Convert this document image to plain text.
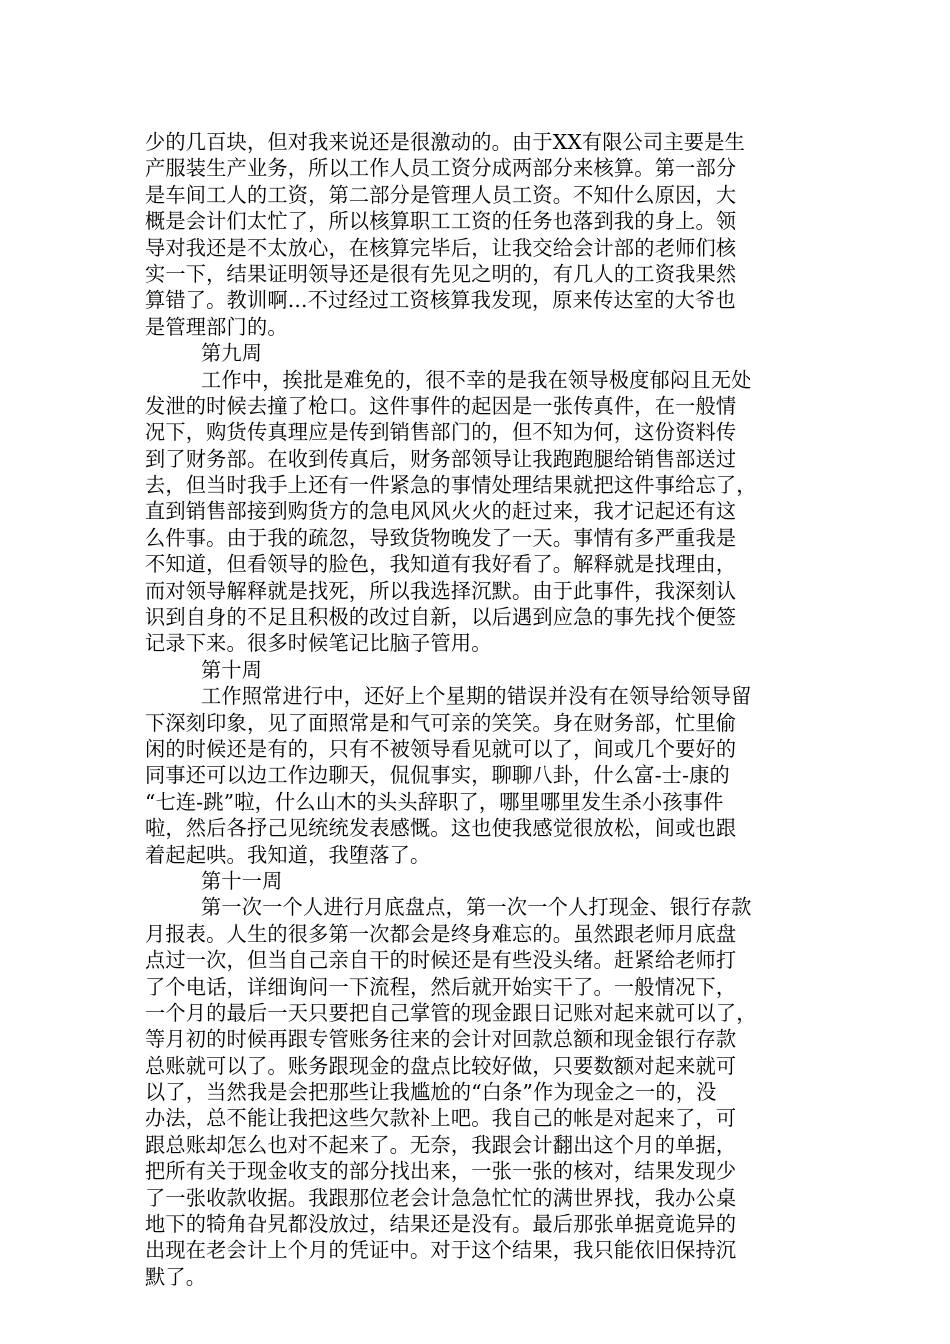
少的几百块，但对我来说还是很激动的。由于XX有限公司主要是生
产服装生产业务，所以工作人员工资分成两部分来核算。第一部分
是车间工人的工资，第二部分是管理人员工资。不知什么原因，大
概是会计们太忙了，所以核算职工工资的任务也落到我的身上。领
导对我还是不太放心，在核算完毕后，让我交给会计部的老师们核
实一下，结果证明领导还是很有先见之明的，有几人的工资我果然
算错了。教训啊...不过经过工资核算我发现，原来传达室的大爷也
是管理部门的。
第九周
工作中，挨批是难免的，很不幸的是我在领导极度郁闷且无处
发泄的时候去撞了枪口。这件事件的起因是一张传真件，在一般情
况下，购货传真理应是传到销售部门的，但不知为何，这份资料传
到了财务部。在收到传真后，财务部领导让我跑跑腿给销售部送过
去，但当时我手上还有一件紧急的事情处理结果就把这件事给忘了，
直到销售部接到购货方的急电风风火火的赶过来，我才记起还有这
么件事。由于我的疏忽，导致货物晚发了一天。事情有多严重我是
不知道，但看领导的脸色，我知道有我好看了。解释就是找理由，
而对领导解释就是找死，所以我选择沉默。由于此事件，我深刻认
识到自身的不足且积极的改过自新，以后遇到应急的事先找个便签
记录下来。很多时候笔记比脑子管用。
第十周
工作照常进行中，还好上个星期的错误并没有在领导给领导留
下深刻印象，见了面照常是和气可亲的笑笑。身在财务部，忙里偷
闲的时候还是有的，只有不被领导看见就可以了，间或几个要好的
同事还可以边工作边聊天，侃侃事实，聊聊八卦，什么富-士-康的
“七连-跳”啦，什么山木的头头辞职了，哪里哪里发生杀小孩事件
啦，然后各抒己见统统发表感慨。这也使我感觉很放松，间或也跟
着起起哄。我知道，我堕落了。
第十一周
第一次一个人进行月底盘点，第一次一个人打现金、银行存款
月报表。人生的很多第一次都会是终身难忘的。虽然跟老师月底盘
点过一次，但当自己亲自干的时候还是有些没头绪。赶紧给老师打
了个电话，详细询问一下流程，然后就开始实干了。一般情况下，
一个月的最后一天只要把自己掌管的现金跟日记账对起来就可以了，
等月初的时候再跟专管账务往来的会计对回款总额和现金银行存款
总账就可以了。账务跟现金的盘点比较好做，只要数额对起来就可
以了，当然我是会把那些让我尴尬的“白条”作为现金之一的，没
办法，总不能让我把这些欠款补上吧。我自己的帐是对起来了，可
跟总账却怎么也对不起来了。无奈，我跟会计翻出这个月的单据，
把所有关于现金收支的部分找出来，一张一张的核对，结果发现少
了一张收款收据。我跟那位老会计急急忙忙的满世界找，我办公桌
地下的犄角旮旯都没放过，结果还是没有。最后那张单据竟诡异的
出现在老会计上个月的凭证中。对于这个结果，我只能依旧保持沉
默了。
